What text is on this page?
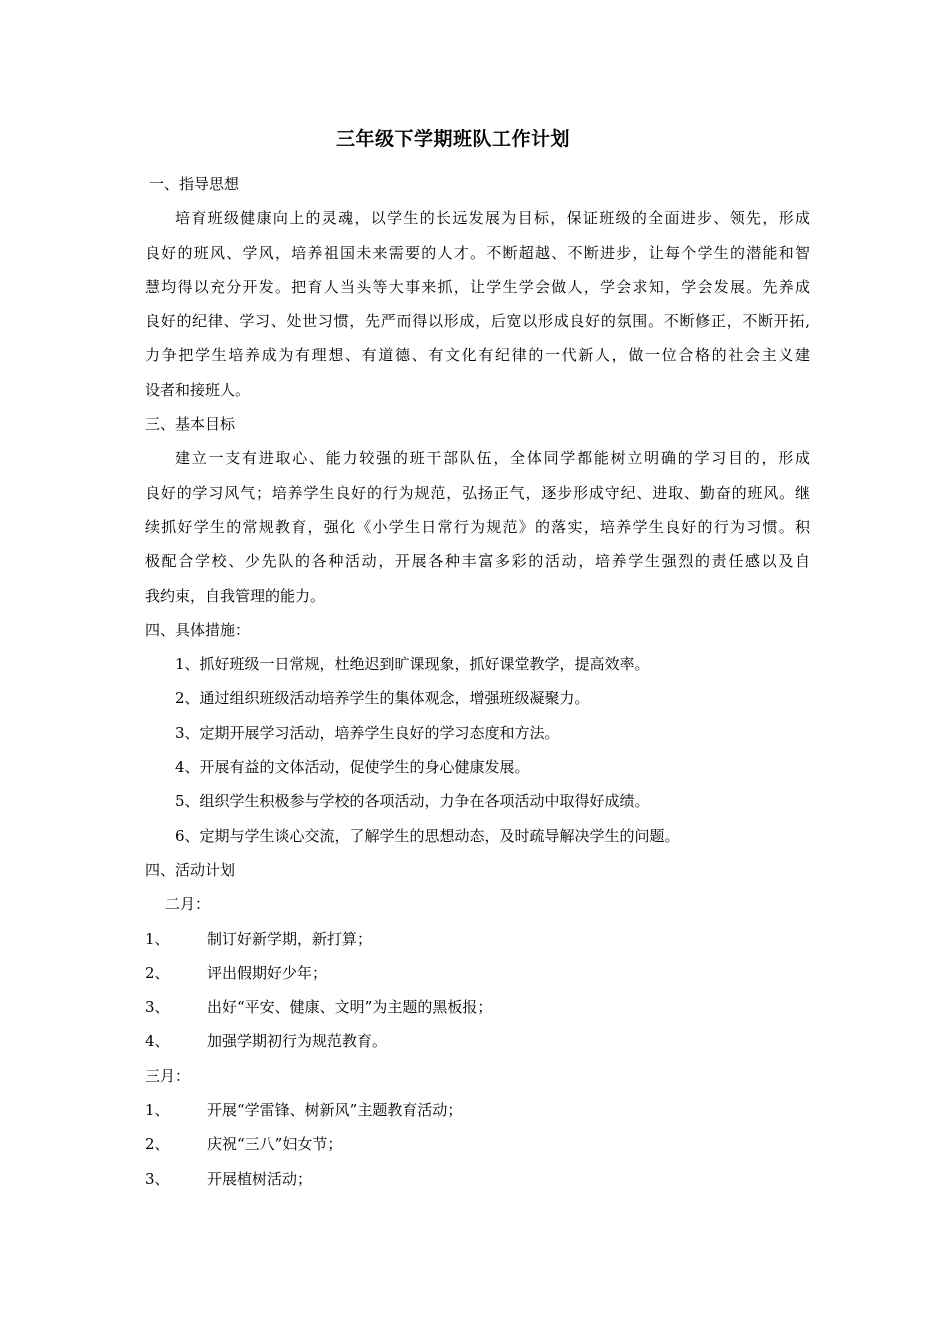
三年级下学期班队工作计划
一、指导思想
培育班级健康向上的灵魂，以学生的长远发展为目标，保证班级的全面进步、领先，形成
良好的班风、学风，培养祖国未来需要的人才。不断超越、不断进步，让每个学生的潜能和智
慧均得以充分开发。把育人当头等大事来抓，让学生学会做人，学会求知，学会发展。先养成
良好的纪律、学习、处世习惯，先严而得以形成，后宽以形成良好的氛围。不断修正，不断开拓,
力争把学生培养成为有理想、有道德、有文化有纪律的一代新人，做一位合格的社会主义建
设者和接班人。
三、基本目标
建立一支有进取心、能力较强的班干部队伍，全体同学都能树立明确的学习目的，形成
良好的学习风气；培养学生良好的行为规范，弘扬正气，逐步形成守纪、进取、勤奋的班风。继
续抓好学生的常规教育，强化《小学生日常行为规范》的落实，培养学生良好的行为习惯。积
极配合学校、少先队的各种活动，开展各种丰富多彩的活动，培养学生强烈的责任感以及自
我约束，自我管理的能力。
四、具体措施：
1、抓好班级一日常规，杜绝迟到旷课现象，抓好课堂教学，提高效率。
2、通过组织班级活动培养学生的集体观念，增强班级凝聚力。
3、定期开展学习活动，培养学生良好的学习态度和方法。
4、开展有益的文体活动，促使学生的身心健康发展。
5、组织学生积极参与学校的各项活动，力争在各项活动中取得好成绩。
6、定期与学生谈心交流，了解学生的思想动态，及时疏导解决学生的问题。
四、活动计划
二月：
1、 制订好新学期，新打算；
2、 评出假期好少年；
3、 出好“平安、健康、文明”为主题的黑板报；
4、 加强学期初行为规范教育。
三月：
1、 开展“学雷锋、树新风”主题教育活动；
2、 庆祝“三八”妇女节；
3、 开展植树活动；
